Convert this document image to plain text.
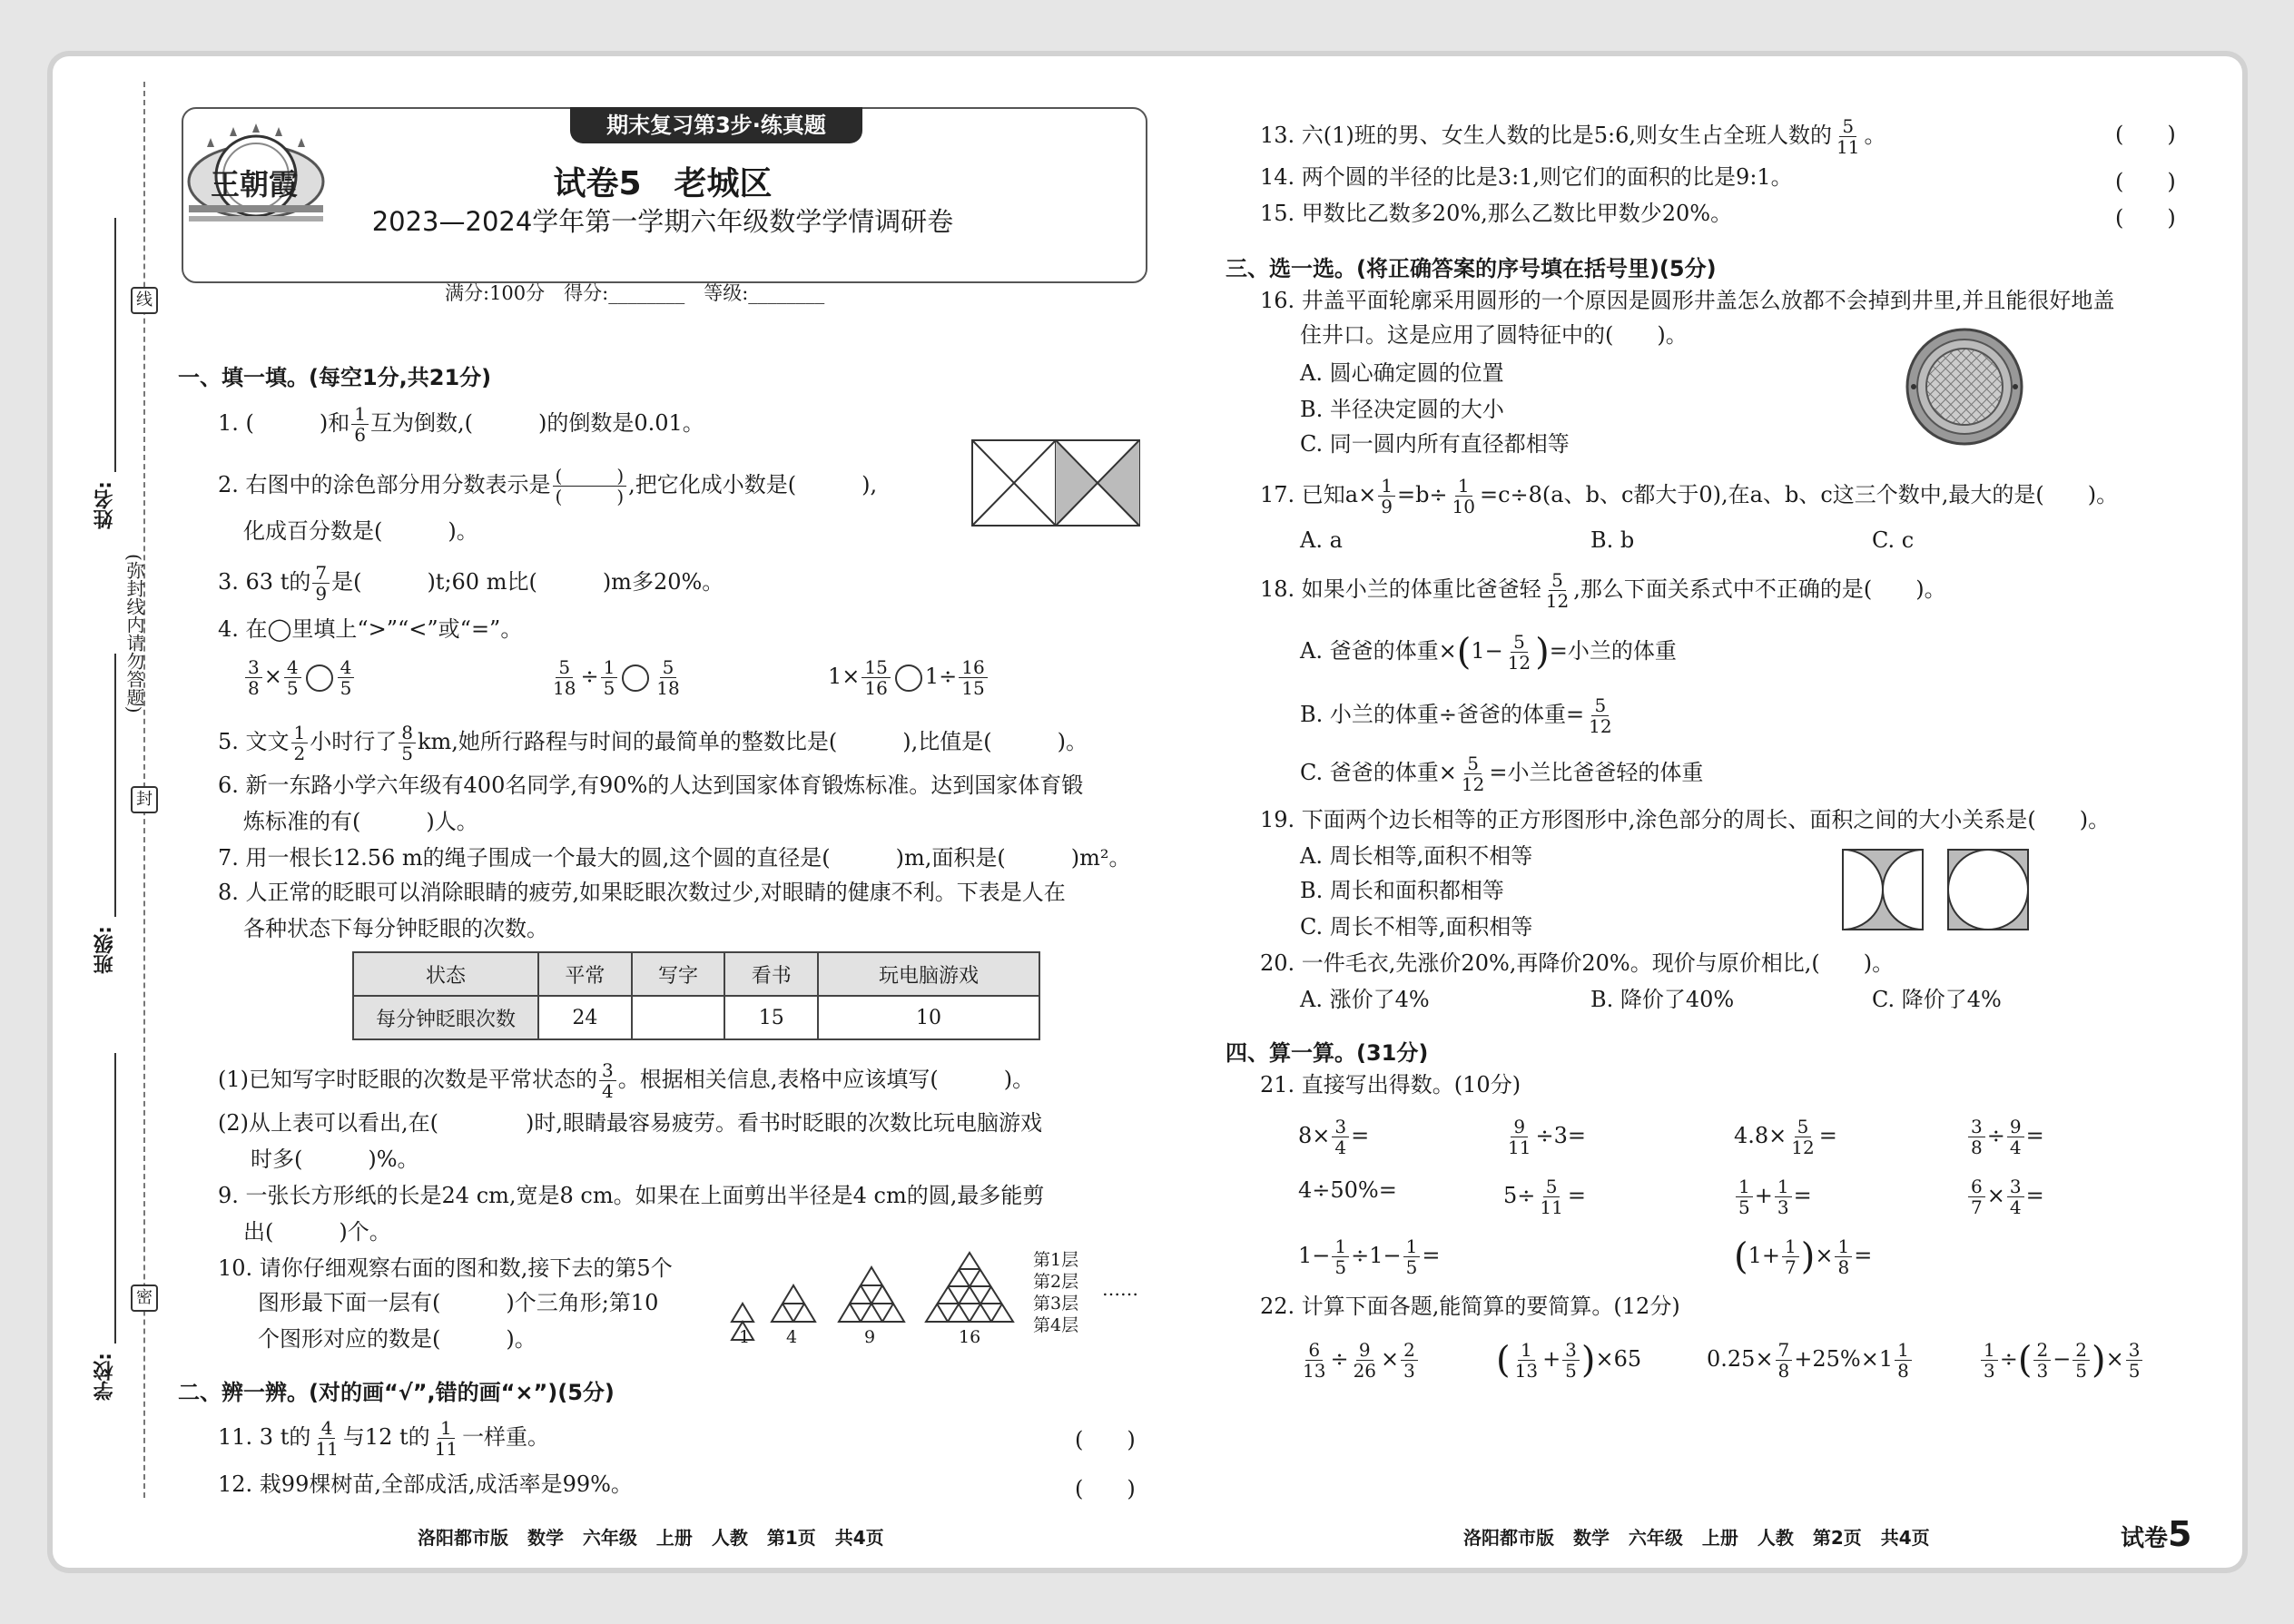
线
封
密
(弥封线内请勿答题)
姓名:
班级:
学校:
期末复习第3步·练真题
王朝霞	试卷5　老城区
2023—2024学年第一学期六年级数学学情调研卷
满分:100分　得分:________　等级:________
一、填一填。(每空1分,共21分)
1. (　　　)和 $\frac{1}{6}$ 互为倒数,(　　　)的倒数是0.01。
2. 右图中的涂色部分用分数表示是 $\frac{( )}{( )}$ ,把它化成小数是(　　　),
化成百分数是(　　　)。
3. 63 t的 $\frac{7}{9}$ 是(　　　)t;60 m比(　　　)m多20%。
4. 在◯里填上“>”“<”或“=”。
$\frac{3}{8} \times \frac{4}{5} \frac{4}{5}$	$\frac{5}{18} \div \frac{1}{5} \frac{5}{18}$	$1\times \frac{15}{16} 1\div \frac{16}{15}$
5. 文文 $\frac{1}{2}$ 小时行了 $\frac{8}{5}$ km,她所行路程与时间的最简单的整数比是(　　　),比值是(　　　)。
6. 新一东路小学六年级有400名同学,有90%的人达到国家体育锻炼标准。达到国家体育锻
炼标准的有(　　　)人。
7. 用一根长12.56 m的绳子围成一个最大的圆,这个圆的直径是(　　　)m,面积是(　　　)m²。
8. 人正常的眨眼可以消除眼睛的疲劳,如果眨眼次数过少,对眼睛的健康不利。下表是人在
各种状态下每分钟眨眼的次数。
状态	平常	写字	看书	玩电脑游戏
每分钟眨眼次数	24		15	10
(1)已知写字时眨眼的次数是平常状态的 $\frac{3}{4}$ 。根据相关信息,表格中应该填写(　　　)。
(2)从上表可以看出,在(　　　　)时,眼睛最容易疲劳。看书时眨眼的次数比玩电脑游戏
时多(　　　)%。
9. 一张长方形纸的长是24 cm,宽是8 cm。如果在上面剪出半径是4 cm的圆,最多能剪
出(　　　)个。
10. 请你仔细观察右面的图和数,接下去的第5个
图形最下面一层有(　　　)个三角形;第10
个图形对应的数是(　　　)。	1 4	9	16
第1层
第2层
第3层
第4层
……
二、辨一辨。(对的画“√”,错的画“×”)(5分)
11. 3 t的 $\frac{4}{11}$ 与12 t的 $\frac{1}{11}$ 一样重。	(　　)
12. 栽99棵树苗,全部成活,成活率是99%。	(　　)
洛阳都市版 数学 六年级 上册 人教 第1页 共4页
13. 六(1)班的男、女生人数的比是5:6,则女生占全班人数的 $\frac{5}{11}$ 。	(　　)
14. 两个圆的半径的比是3:1,则它们的面积的比是9:1。	(　　)
15. 甲数比乙数多20%,那么乙数比甲数少20%。	(　　)
三、选一选。(将正确答案的序号填在括号里)(5分)
16. 井盖平面轮廓采用圆形的一个原因是圆形井盖怎么放都不会掉到井里,并且能很好地盖
住井口。这是应用了圆特征中的(　　)。
A. 圆心确定圆的位置
B. 半径决定圆的大小
C. 同一圆内所有直径都相等
17. 已知$a\times \frac{1}{9} =b\div \frac{1}{10} =c\div 8(a$、b、c都大于0),在a、b、c这三个数中,最大的是(　　)。
A. a	B. b	C. c
18. 如果小兰的体重比爸爸轻 $\frac{5}{12}$ ,那么下面关系式中不正确的是(　　)。
A. 爸爸的体重$\times(1- \frac{5}{12}$ )=小兰的体重
B. 小兰的体重÷爸爸的体重= $\frac{5}{12}$
C. 爸爸的体重× $\frac{5}{12}$ =小兰比爸爸轻的体重
19. 下面两个边长相等的正方形图形中,涂色部分的周长、面积之间的大小关系是(　　)。
A. 周长相等,面积不相等
B. 周长和面积都相等
C. 周长不相等,面积相等
20. 一件毛衣,先涨价20%,再降价20%。现价与原价相比,(　　)。
A. 涨价了4%	B. 降价了40%	C. 降价了4%
四、算一算。(31分)
21. 直接写出得数。(10分)
$8\times \frac{3}{4}$ =	$\frac{9}{11} \div 3=$	$4.8\times \frac{5}{12}$ =	$\frac{3}{8} \div \frac{9}{4}$ =
4÷50%=	$5\div \frac{5}{11}$ =	$\frac{1}{5} + \frac{1}{3}$ =	$\frac{6}{7} \times \frac{3}{4}$ =
$1- \frac{1}{5} \div 1- \frac{1}{5}$ =	($1+ \frac{1}{7}$ )× $\frac{1}{8}$ =
22. 计算下面各题,能简算的要简算。(12分)
$\frac{6}{13} \div \frac{9}{26} \times \frac{2}{3}$ ( $\frac{1}{13} + \frac{3}{5} )\times 65$	$0.25\times \frac{7}{8} +25\%\times 1 \frac{1}{8}$	$\frac{1}{3}$ ÷( $\frac{2}{3} - \frac{2}{5}$ )× $\frac{3}{5}$
洛阳都市版 数学 六年级 上册 人教 第2页 共4页	试卷5
